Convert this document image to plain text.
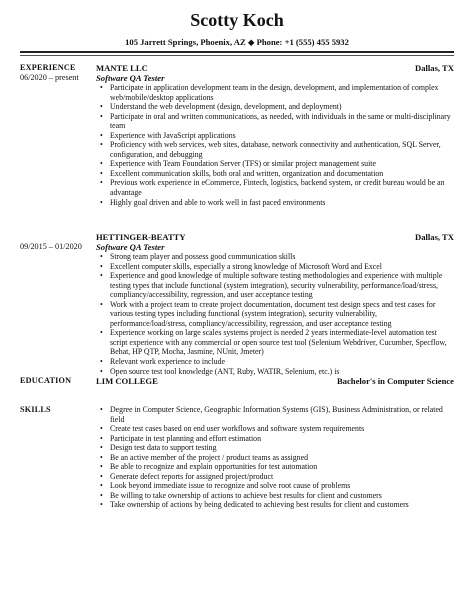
Scotty Koch
105 Jarrett Springs, Phoenix, AZ ◆ Phone: +1 (555) 455 5932
EXPERIENCE
06/2020 – present
MANTE LLC	Dallas, TX
Software QA Tester
• Participate in application development team in the design, development, and implementation of complex web/mobile/desktop applications
• Understand the web development (design, development, and deployment)
• Participate in oral and written communications, as needed, with individuals in the same or multi-disciplinary team
• Experience with JavaScript applications
• Proficiency with web services, web sites, database, network connectivity and authentication, SQL Server, configuration, and debugging
• Experience with Team Foundation Server (TFS) or similar project management suite
• Excellent communication skills, both oral and written, organization and documentation
• Previous work experience in eCommerce, Fintech, logistics, backend system, or credit bureau would be an advantage
• Highly goal driven and able to work well in fast paced environments
09/2015 – 01/2020
HETTINGER-BEATTY	Dallas, TX
Software QA Tester
• Strong team player and possess good communication skills
• Excellent computer skills, especially a strong knowledge of Microsoft Word and Excel
• Experience and good knowledge of multiple software testing methodologies and experience with multiple testing types that include functional (system integration), security vulnerability, performance/load/stress, compliancy/accessibility, regression, and user acceptance testing
• Work with a project team to create project documentation, document test design specs and test cases for various testing types including functional (system integration), security vulnerability, performance/load/stress, compliancy/accessibility, regression, and user acceptance testing
• Experience working on large scales systems project is needed 2 years intermediate-level automation test script experience with any commercial or open source test tool (Selenium Webdriver, Cucumber, Specflow, Behat, HP QTP, Mocha, Jasmine, NUnit, Jmeter)
• Relevant work experience to include
• Open source test tool knowledge (ANT, Ruby, WATIR, Selenium, etc.) is
EDUCATION	LIM COLLEGE	Bachelor's in Computer Science
SKILLS
•	Degree in Computer Science, Geographic Information Systems (GIS), Business Administration, or related field
• Create test cases based on end user workflows and software system requirements
• Participate in test planning and effort estimation
• Design test data to support testing
• Be an active member of the project / product teams as assigned
• Be able to recognize and explain opportunities for test automation
• Generate defect reports for assigned project/product
• Look beyond immediate issue to recognize and solve root cause of problems
• Be willing to take ownership of actions to achieve best results for client and customers
• Take ownership of actions by being dedicated to achieving best results for client and customers
